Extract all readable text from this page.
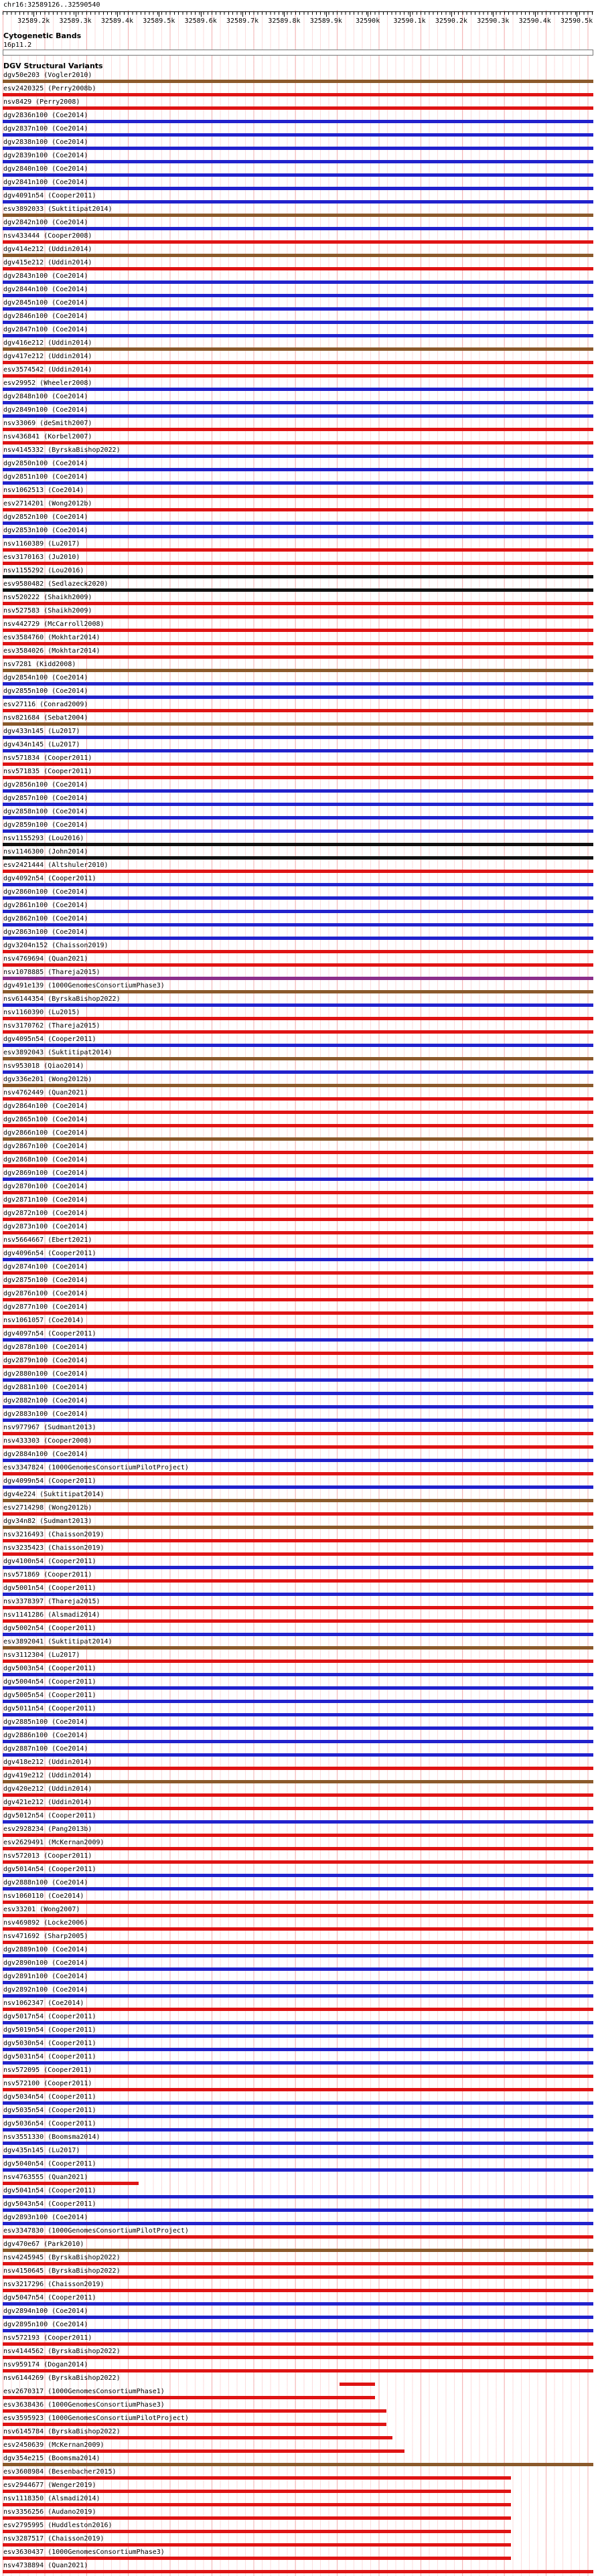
chr16:32589126..32590540
32589.2k 32589.3k 32589.4k 32589.5k 32589.6k 32589.7k 32589.8k 32589.9k 32590k 32590.1k 32590.2k 32590.3k 32590.4k 32590.5k
Cytogenetic Bands
16p11.2
DGV Structural Variants
dgv50e203 (Vogler2010)
esv2420325 (Perry2008b)
nsv8429 (Perry2008)
dgv2836n100 (Coe2014)
dgv2837n100 (Coe2014)
dgv2838n100 (Coe2014)
dgv2839n100 (Coe2014)
dgv2840n100 (Coe2014)
dgv2841n100 (Coe2014)
dgv4091n54 (Cooper2011)
esv3892033 (Suktitipat2014)
dgv2842n100 (Coe2014)
nsv433444 (Cooper2008)
dgv414e212 (Uddin2014)
dgv415e212 (Uddin2014)
dgv2843n100 (Coe2014)
dgv2844n100 (Coe2014)
dgv2845n100 (Coe2014)
dgv2846n100 (Coe2014)
dgv2847n100 (Coe2014)
dgv416e212 (Uddin2014)
dgv417e212 (Uddin2014)
esv3574542 (Uddin2014)
esv29952 (Wheeler2008)
dgv2848n100 (Coe2014)
dgv2849n100 (Coe2014)
nsv33069 (deSmith2007)
nsv436841 (Korbel2007)
nsv4145332 (ByrskaBishop2022)
dgv2850n100 (Coe2014)
dgv2851n100 (Coe2014)
nsv1062513 (Coe2014)
esv2714201 (Wong2012b)
dgv2852n100 (Coe2014)
dgv2853n100 (Coe2014)
nsv1160389 (Lu2017)
esv3170163 (Ju2010)
nsv1155292 (Lou2016)
esv9580482 (Sedlazeck2020)
nsv520222 (Shaikh2009)
nsv527583 (Shaikh2009)
nsv442729 (McCarroll2008)
esv3584760 (Mokhtar2014)
esv3584026 (Mokhtar2014)
nsv7281 (Kidd2008)
dgv2854n100 (Coe2014)
dgv2855n100 (Coe2014)
esv27116 (Conrad2009)
nsv821684 (Sebat2004)
dgv433n145 (Lu2017)
dgv434n145 (Lu2017)
nsv571834 (Cooper2011)
nsv571835 (Cooper2011)
dgv2856n100 (Coe2014)
dgv2857n100 (Coe2014)
dgv2858n100 (Coe2014)
dgv2859n100 (Coe2014)
nsv1155293 (Lou2016)
nsv1146300 (John2014)
esv2421444 (Altshuler2010)
dgv4092n54 (Cooper2011)
dgv2860n100 (Coe2014)
dgv2861n100 (Coe2014)
dgv2862n100 (Coe2014)
dgv2863n100 (Coe2014)
dgv3204n152 (Chaisson2019)
nsv4769694 (Quan2021)
nsv1078885 (Thareja2015)
dgv491e139 (1000GenomesConsortiumPhase3)
nsv6144354 (ByrskaBishop2022)
nsv1160390 (Lu2015)
nsv3170762 (Thareja2015)
dgv4095n54 (Cooper2011)
esv3892043 (Suktitipat2014)
nsv953018 (Qiao2014)
dgv336e201 (Wong2012b)
nsv4762449 (Quan2021)
dgv2864n100 (Coe2014)
dgv2865n100 (Coe2014)
dgv2866n100 (Coe2014)
dgv2867n100 (Coe2014)
dgv2868n100 (Coe2014)
dgv2869n100 (Coe2014)
dgv2870n100 (Coe2014)
dgv2871n100 (Coe2014)
dgv2872n100 (Coe2014)
dgv2873n100 (Coe2014)
nsv5664667 (Ebert2021)
dgv4096n54 (Cooper2011)
dgv2874n100 (Coe2014)
dgv2875n100 (Coe2014)
dgv2876n100 (Coe2014)
dgv2877n100 (Coe2014)
nsv1061057 (Coe2014)
dgv4097n54 (Cooper2011)
dgv2878n100 (Coe2014)
dgv2879n100 (Coe2014)
dgv2880n100 (Coe2014)
dgv2881n100 (Coe2014)
dgv2882n100 (Coe2014)
dgv2883n100 (Coe2014)
nsv977967 (Sudmant2013)
nsv433303 (Cooper2008)
dgv2884n100 (Coe2014)
esv3347824 (1000GenomesConsortiumPilotProject)
dgv4099n54 (Cooper2011)
dgv4e224 (Suktitipat2014)
esv2714298 (Wong2012b)
dgv34n82 (Sudmant2013)
nsv3216493 (Chaisson2019)
nsv3235423 (Chaisson2019)
dgv4100n54 (Cooper2011)
nsv571869 (Cooper2011)
dgv5001n54 (Cooper2011)
nsv3378397 (Thareja2015)
nsv1141286 (Alsmadi2014)
dgv5002n54 (Cooper2011)
esv3892041 (Suktitipat2014)
nsv3112304 (Lu2017)
dgv5003n54 (Cooper2011)
dgv5004n54 (Cooper2011)
dgv5005n54 (Cooper2011)
dgv5011n54 (Cooper2011)
dgv2885n100 (Coe2014)
dgv2886n100 (Coe2014)
dgv2887n100 (Coe2014)
dgv418e212 (Uddin2014)
dgv419e212 (Uddin2014)
dgv420e212 (Uddin2014)
dgv421e212 (Uddin2014)
dgv5012n54 (Cooper2011)
esv2928234 (Pang2013b)
esv2629491 (McKernan2009)
nsv572013 (Cooper2011)
dgv5014n54 (Cooper2011)
dgv2888n100 (Coe2014)
nsv1060110 (Coe2014)
esv33201 (Wong2007)
nsv469892 (Locke2006)
nsv471692 (Sharp2005)
dgv2889n100 (Coe2014)
dgv2890n100 (Coe2014)
dgv2891n100 (Coe2014)
dgv2892n100 (Coe2014)
nsv1062347 (Coe2014)
dgv5017n54 (Cooper2011)
dgv5019n54 (Cooper2011)
dgv5030n54 (Cooper2011)
dgv5031n54 (Cooper2011)
nsv572095 (Cooper2011)
nsv572100 (Cooper2011)
dgv5034n54 (Cooper2011)
dgv5035n54 (Cooper2011)
dgv5036n54 (Cooper2011)
nsv3551330 (Boomsma2014)
dgv435n145 (Lu2017)
dgv5040n54 (Cooper2011)
nsv4763555 (Quan2021)
dgv5041n54 (Cooper2011)
dgv5043n54 (Cooper2011)
dgv2893n100 (Coe2014)
esv3347830 (1000GenomesConsortiumPilotProject)
dgv470e67 (Park2010)
nsv4245945 (ByrskaBishop2022)
nsv4150645 (ByrskaBishop2022)
nsv3217296 (Chaisson2019)
dgv5047n54 (Cooper2011)
dgv2894n100 (Coe2014)
dgv2895n100 (Coe2014)
nsv572193 (Cooper2011)
nsv4144562 (ByrskaBishop2022)
nsv959174 (Dogan2014)
nsv6144269 (ByrskaBishop2022)
esv2670317 (1000GenomesConsortiumPhase1)
esv3638436 (1000GenomesConsortiumPhase3)
esv3595923 (1000GenomesConsortiumPilotProject)
nsv6145784 (ByrskaBishop2022)
esv2450639 (McKernan2009)
dgv354e215 (Boomsma2014)
esv3608984 (Besenbacher2015)
esv2944677 (Wenger2019)
nsv1118350 (Alsmadi2014)
nsv3356256 (Audano2019)
esv2795995 (Huddleston2016)
nsv3287517 (Chaisson2019)
esv3630437 (1000GenomesConsortiumPhase3)
nsv4738894 (Quan2021)
